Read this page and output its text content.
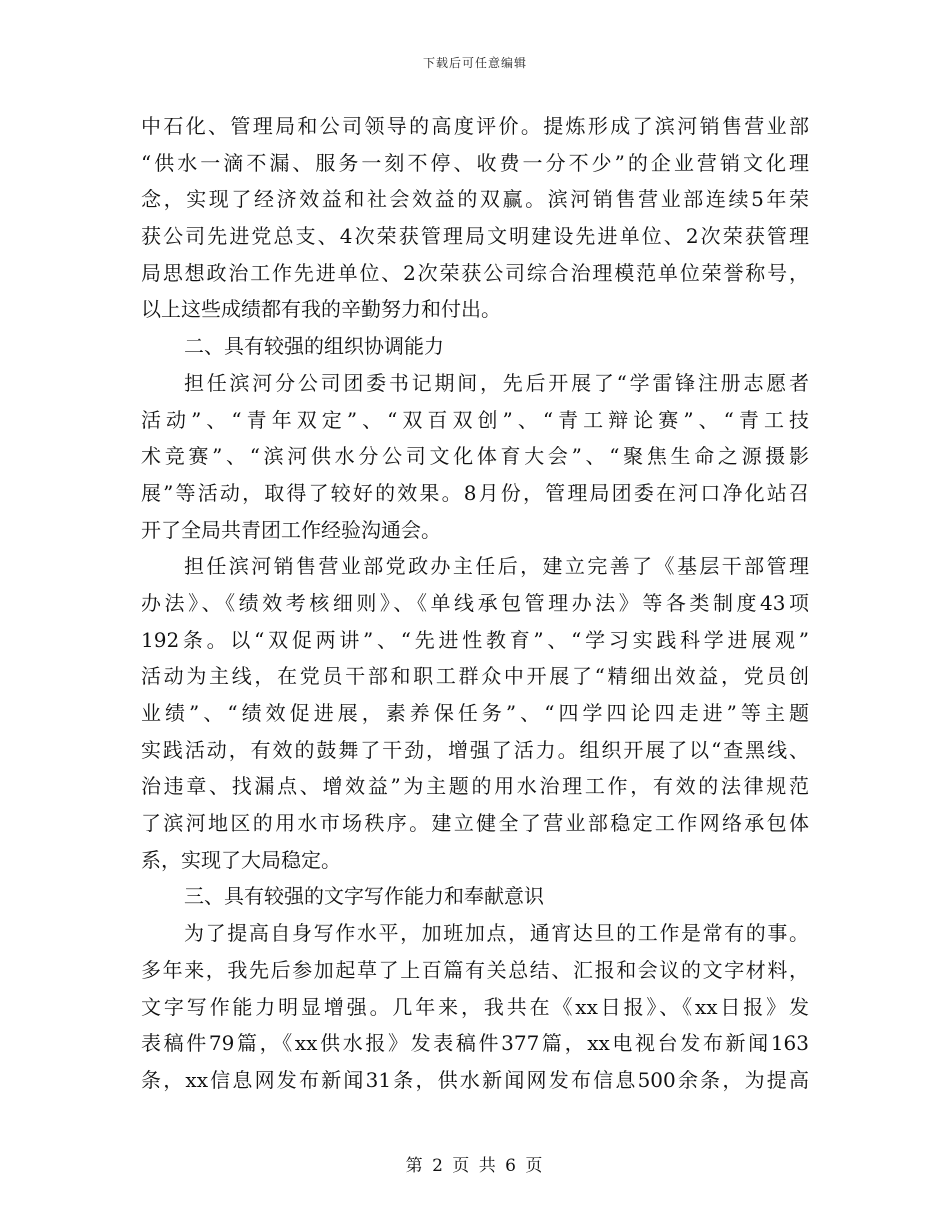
下载后可任意编辑
中石化、管理局和公司领导的高度评价。提炼形成了滨河销售营业部
“供水一滴不漏、服务一刻不停、收费一分不少”的企业营销文化理
念，实现了经济效益和社会效益的双赢。滨河销售营业部连续5年荣
获公司先进党总支、4次荣获管理局文明建设先进单位、2次荣获管理
局思想政治工作先进单位、2次荣获公司综合治理模范单位荣誉称号，
以上这些成绩都有我的辛勤努力和付出。
二、具有较强的组织协调能力
担任滨河分公司团委书记期间，先后开展了“学雷锋注册志愿者
活动”、“青年双定”、“双百双创”、“青工辩论赛”、“青工技
术竞赛”、“滨河供水分公司文化体育大会”、“聚焦生命之源摄影
展”等活动，取得了较好的效果。8月份，管理局团委在河口净化站召
开了全局共青团工作经验沟通会。
担任滨河销售营业部党政办主任后，建立完善了《基层干部管理
办法》、《绩效考核细则》、《单线承包管理办法》等各类制度43项
192条。以“双促两讲”、“先进性教育”、“学习实践科学进展观”
活动为主线，在党员干部和职工群众中开展了“精细出效益，党员创
业绩”、“绩效促进展，素养保任务”、“四学四论四走进”等主题
实践活动，有效的鼓舞了干劲，增强了活力。组织开展了以“查黑线、
治违章、找漏点、增效益”为主题的用水治理工作，有效的法律规范
了滨河地区的用水市场秩序。建立健全了营业部稳定工作网络承包体
系，实现了大局稳定。
三、具有较强的文字写作能力和奉献意识
为了提高自身写作水平，加班加点，通宵达旦的工作是常有的事。
多年来，我先后参加起草了上百篇有关总结、汇报和会议的文字材料，
文字写作能力明显增强。几年来，我共在《xx日报》、《xx日报》发
表稿件79篇，《xx供水报》发表稿件377篇，xx电视台发布新闻163
条，xx信息网发布新闻31条，供水新闻网发布信息500余条，为提高
第 2 页 共 6 页
